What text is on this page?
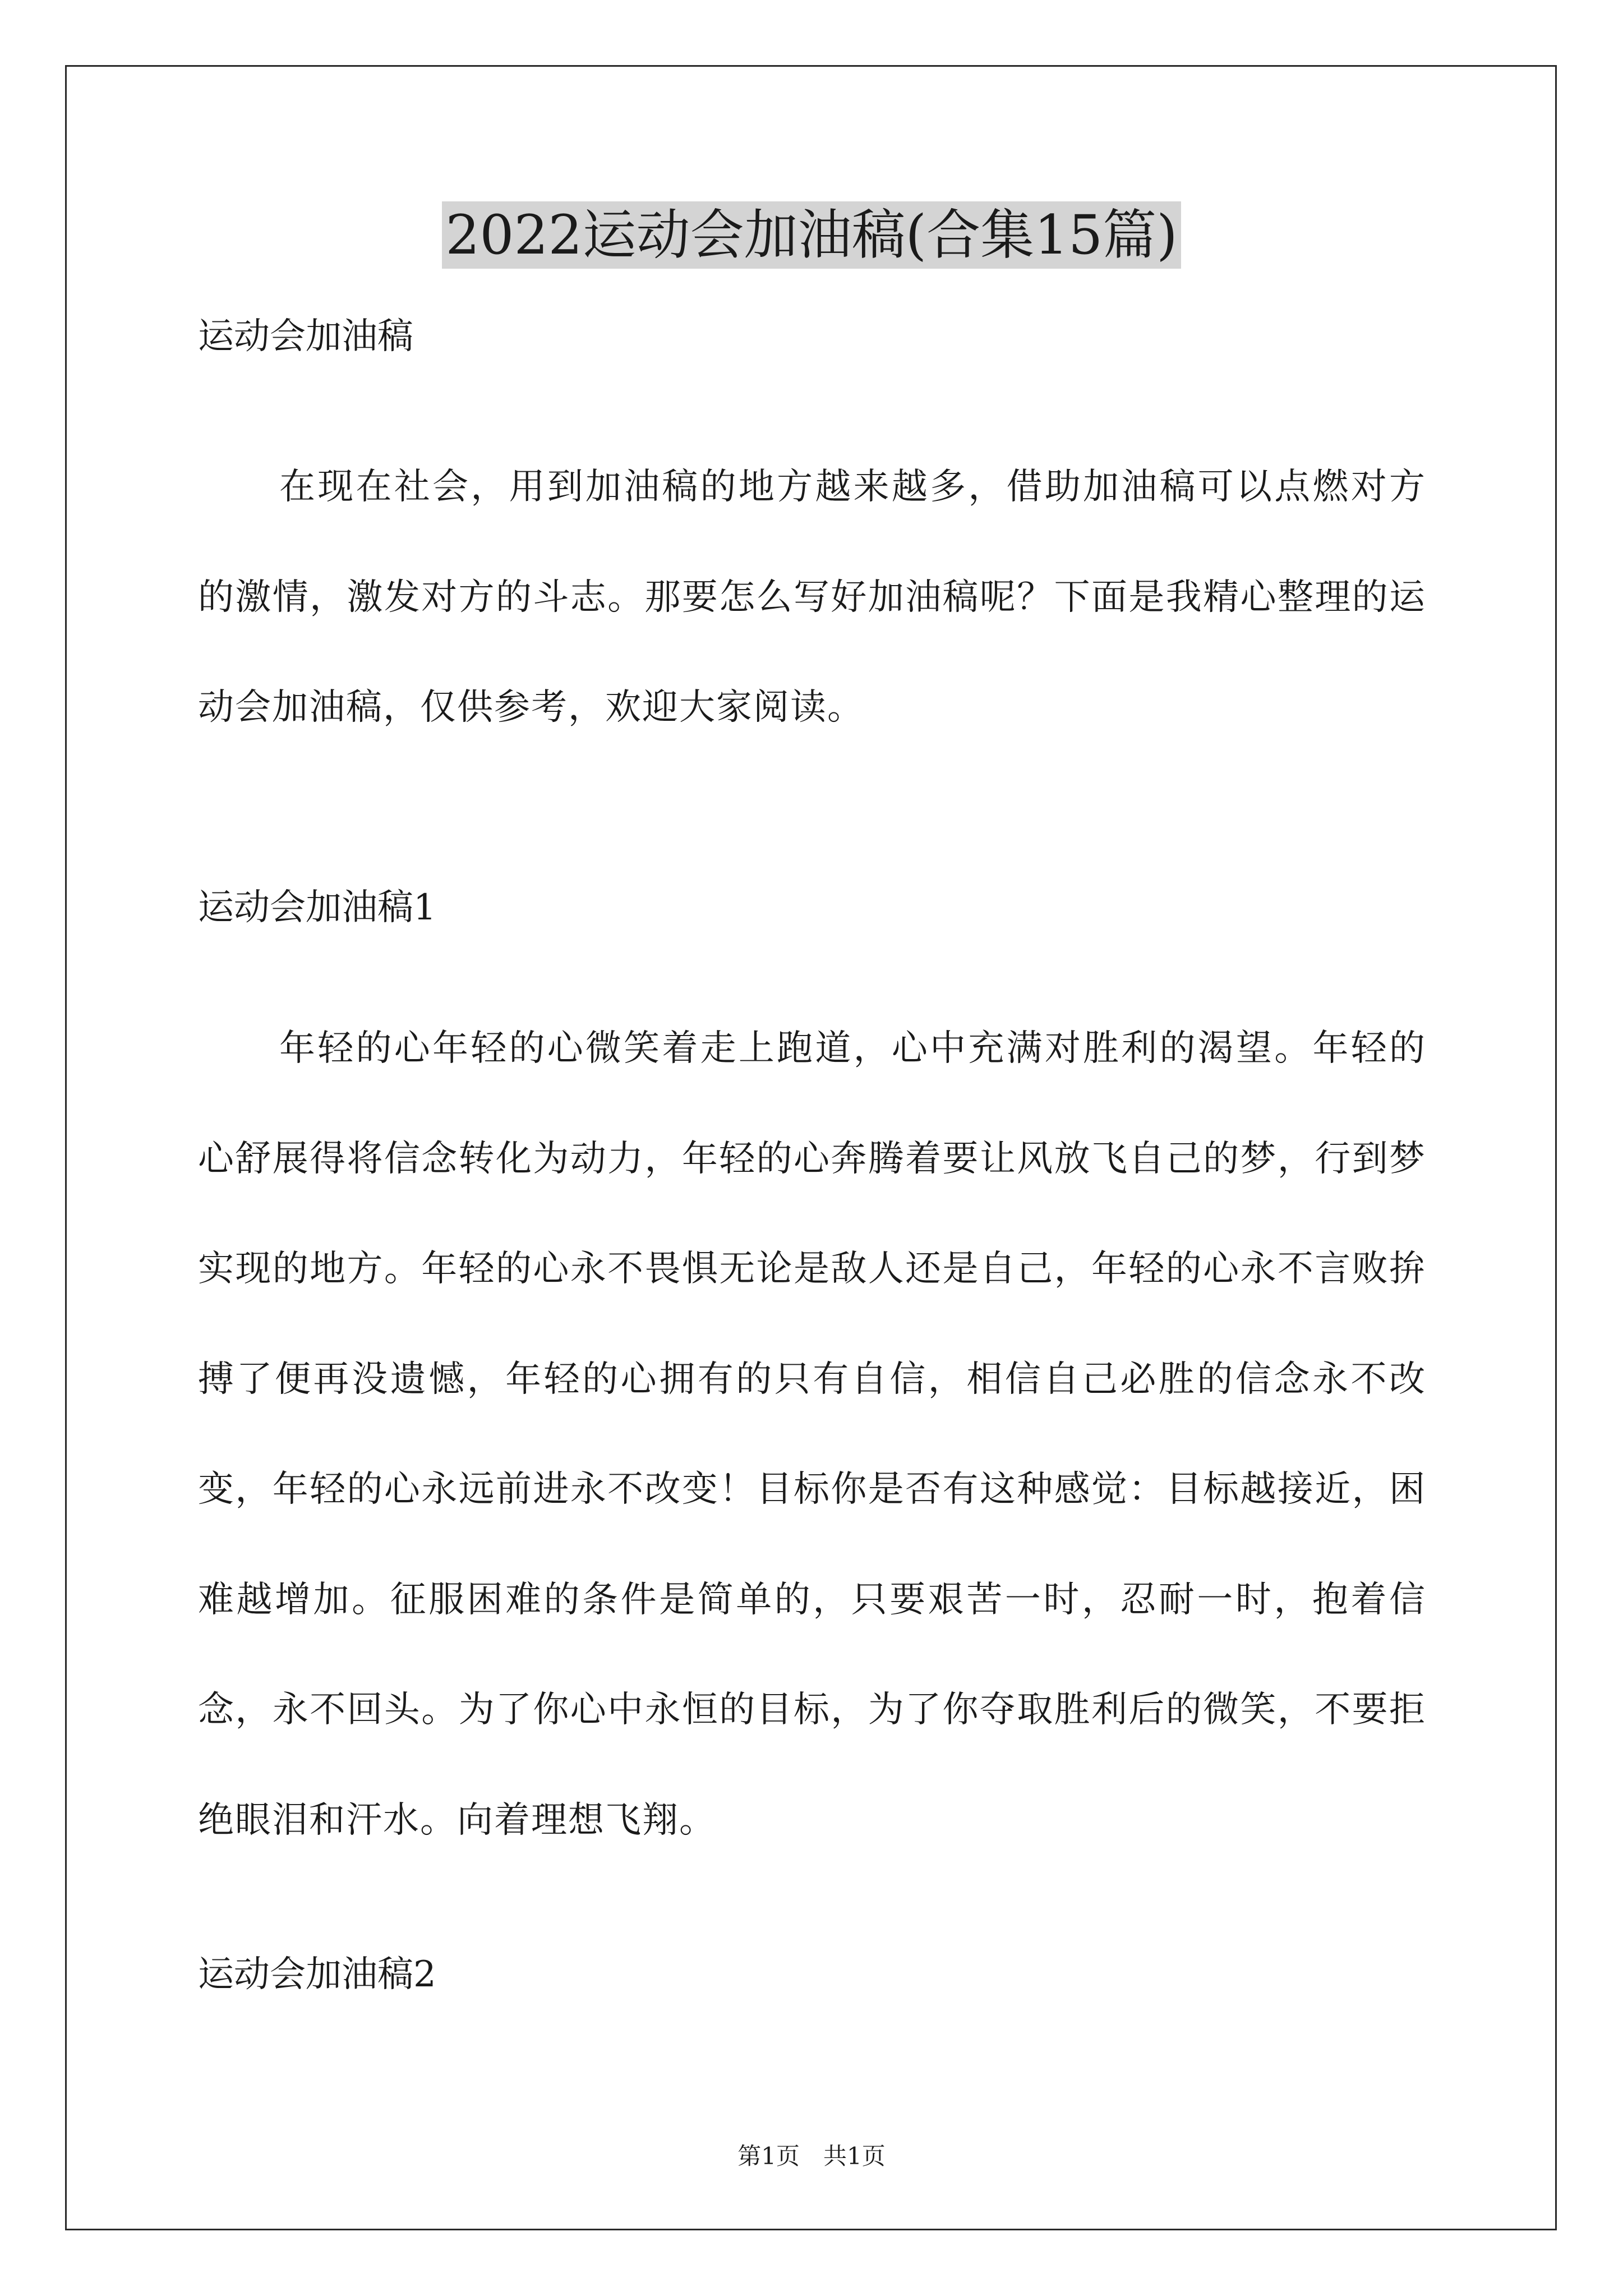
2022运动会加油稿(合集15篇)
运动会加油稿

在现在社会，用到加油稿的地方越来越多，借助加油稿可以点燃对方的激情，激发对方的斗志。那要怎么写好加油稿呢？下面是我精心整理的运动会加油稿，仅供参考，欢迎大家阅读。

运动会加油稿1

年轻的心年轻的心微笑着走上跑道，心中充满对胜利的渴望。年轻的心舒展得将信念转化为动力，年轻的心奔腾着要让风放飞自己的梦，行到梦实现的地方。年轻的心永不畏惧无论是敌人还是自己，年轻的心永不言败拚搏了便再没遗憾，年轻的心拥有的只有自信，相信自己必胜的信念永不改变，年轻的心永远前进永不改变！目标你是否有这种感觉：目标越接近，困难越增加。征服困难的条件是简单的，只要艰苦一时，忍耐一时，抱着信念，永不回头。为了你心中永恒的目标，为了你夺取胜利后的微笑，不要拒绝眼泪和汗水。向着理想飞翔。

运动会加油稿2
第1页　共1页
